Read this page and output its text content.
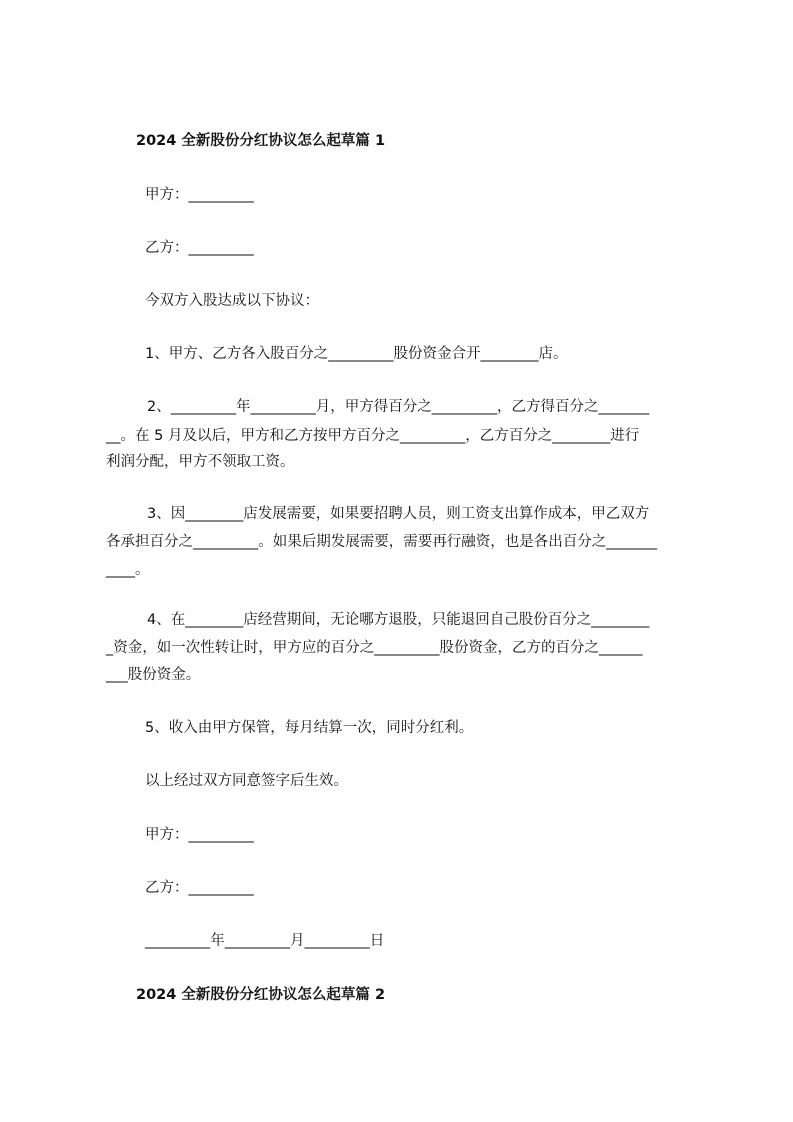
2024 全新股份分红协议怎么起草篇 1
甲方：_________
乙方：_________
今双方入股达成以下协议：
1、甲方、乙方各入股百分之_________股份资金合开________店。
2、_________年_________月，甲方得百分之_________，乙方得百分之_______
__。在 5 月及以后，甲方和乙方按甲方百分之_________，乙方百分之________进行
利润分配，甲方不领取工资。
3、因________店发展需要，如果要招聘人员，则工资支出算作成本，甲乙双方
各承担百分之_________。如果后期发展需要，需要再行融资，也是各出百分之_______
____。
4、在________店经营期间，无论哪方退股，只能退回自己股份百分之________
_资金，如一次性转让时，甲方应的百分之_________股份资金，乙方的百分之______
___股份资金。
5、收入由甲方保管，每月结算一次，同时分红利。
以上经过双方同意签字后生效。
甲方：_________
乙方：_________
_________年_________月_________日
2024 全新股份分红协议怎么起草篇 2
